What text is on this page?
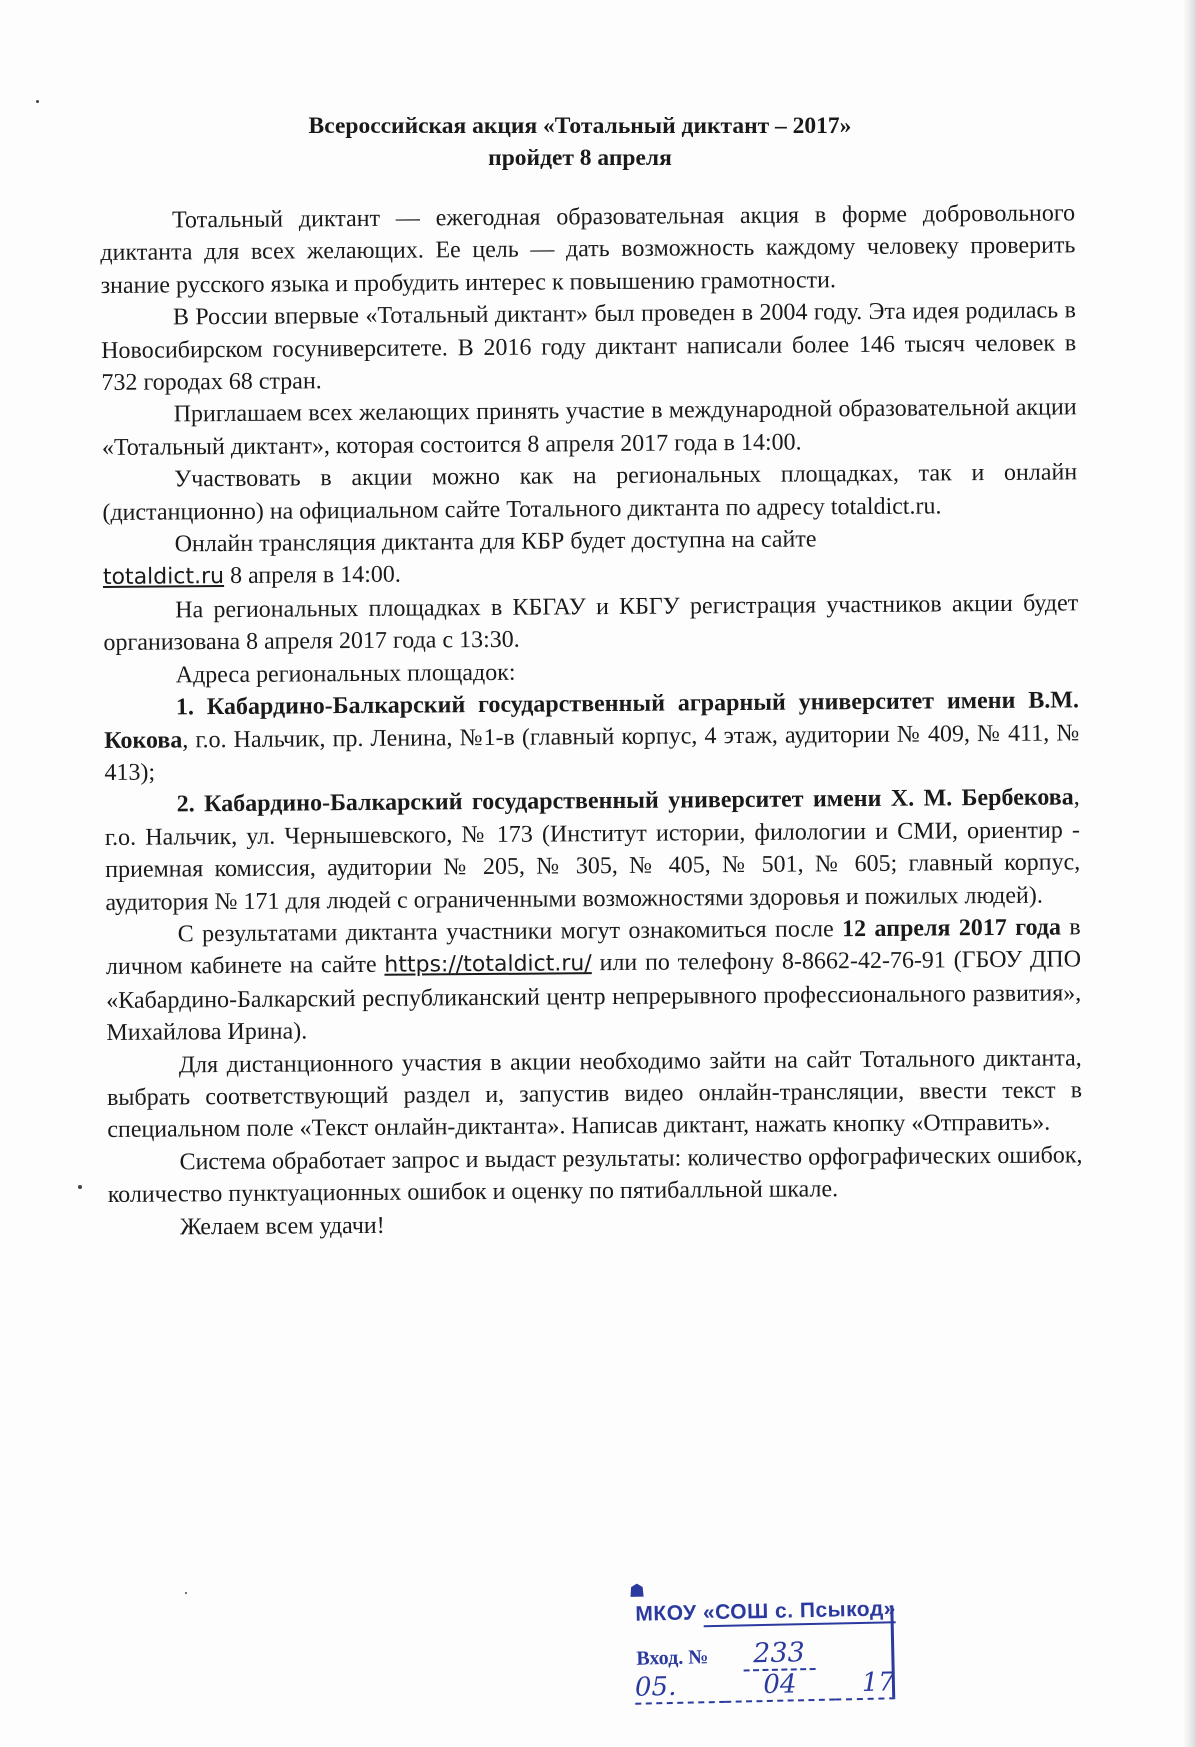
Всероссийская акция «Тотальный диктант – 2017»
пройдет 8 апреля

Тотальный диктант — ежегодная образовательная акция в форме добровольного диктанта для всех желающих. Ее цель — дать возможность каждому человеку проверить знание русского языка и пробудить интерес к повышению грамотности.

В России впервые «Тотальный диктант» был проведен в 2004 году. Эта идея родилась в Новосибирском госуниверситете. В 2016 году диктант написали более 146 тысяч человек в 732 городах 68 стран.

Приглашаем всех желающих принять участие в международной образовательной акции «Тотальный диктант», которая состоится 8 апреля 2017 года в 14:00.

Участвовать в акции можно как на региональных площадках, так и онлайн (дистанционно) на официальном сайте Тотального диктанта по адресу totaldict.ru.

Онлайн трансляция диктанта для КБР будет доступна на сайте
totaldict.ru 8 апреля в 14:00.

На региональных площадках в КБГАУ и КБГУ регистрация участников акции будет организована 8 апреля 2017 года с 13:30.

Адреса региональных площадок:

1. Кабардино-Балкарский государственный аграрный университет имени В.М. Кокова, г.о. Нальчик, пр. Ленина, №1-в (главный корпус, 4 этаж, аудитории № 409, № 411, № 413);

2. Кабардино-Балкарский государственный университет имени Х. М. Бербекова, г.о. Нальчик, ул. Чернышевского, № 173 (Институт истории, филологии и СМИ, ориентир - приемная комиссия, аудитории № 205, № 305, № 405, № 501, № 605; главный корпус, аудитория № 171 для людей с ограниченными возможностями здоровья и пожилых людей).

С результатами диктанта участники могут ознакомиться после 12 апреля 2017 года в личном кабинете на сайте https://totaldict.ru/ или по телефону 8-8662-42-76-91 (ГБОУ ДПО «Кабардино-Балкарский республиканский центр непрерывного профессионального развития», Михайлова Ирина).

Для дистанционного участия в акции необходимо зайти на сайт Тотального диктанта, выбрать соответствующий раздел и, запустив видео онлайн-трансляции, ввести текст в специальном поле «Текст онлайн-диктанта». Написав диктант, нажать кнопку «Отправить».

Система обработает запрос и выдаст результаты: количество орфографических ошибок, количество пунктуационных ошибок и оценку по пятибалльной шкале.

Желаем всем удачи!

☗
МКОУ «СОШ с. Псыкод»
Вход. № 233
05.	04 17
